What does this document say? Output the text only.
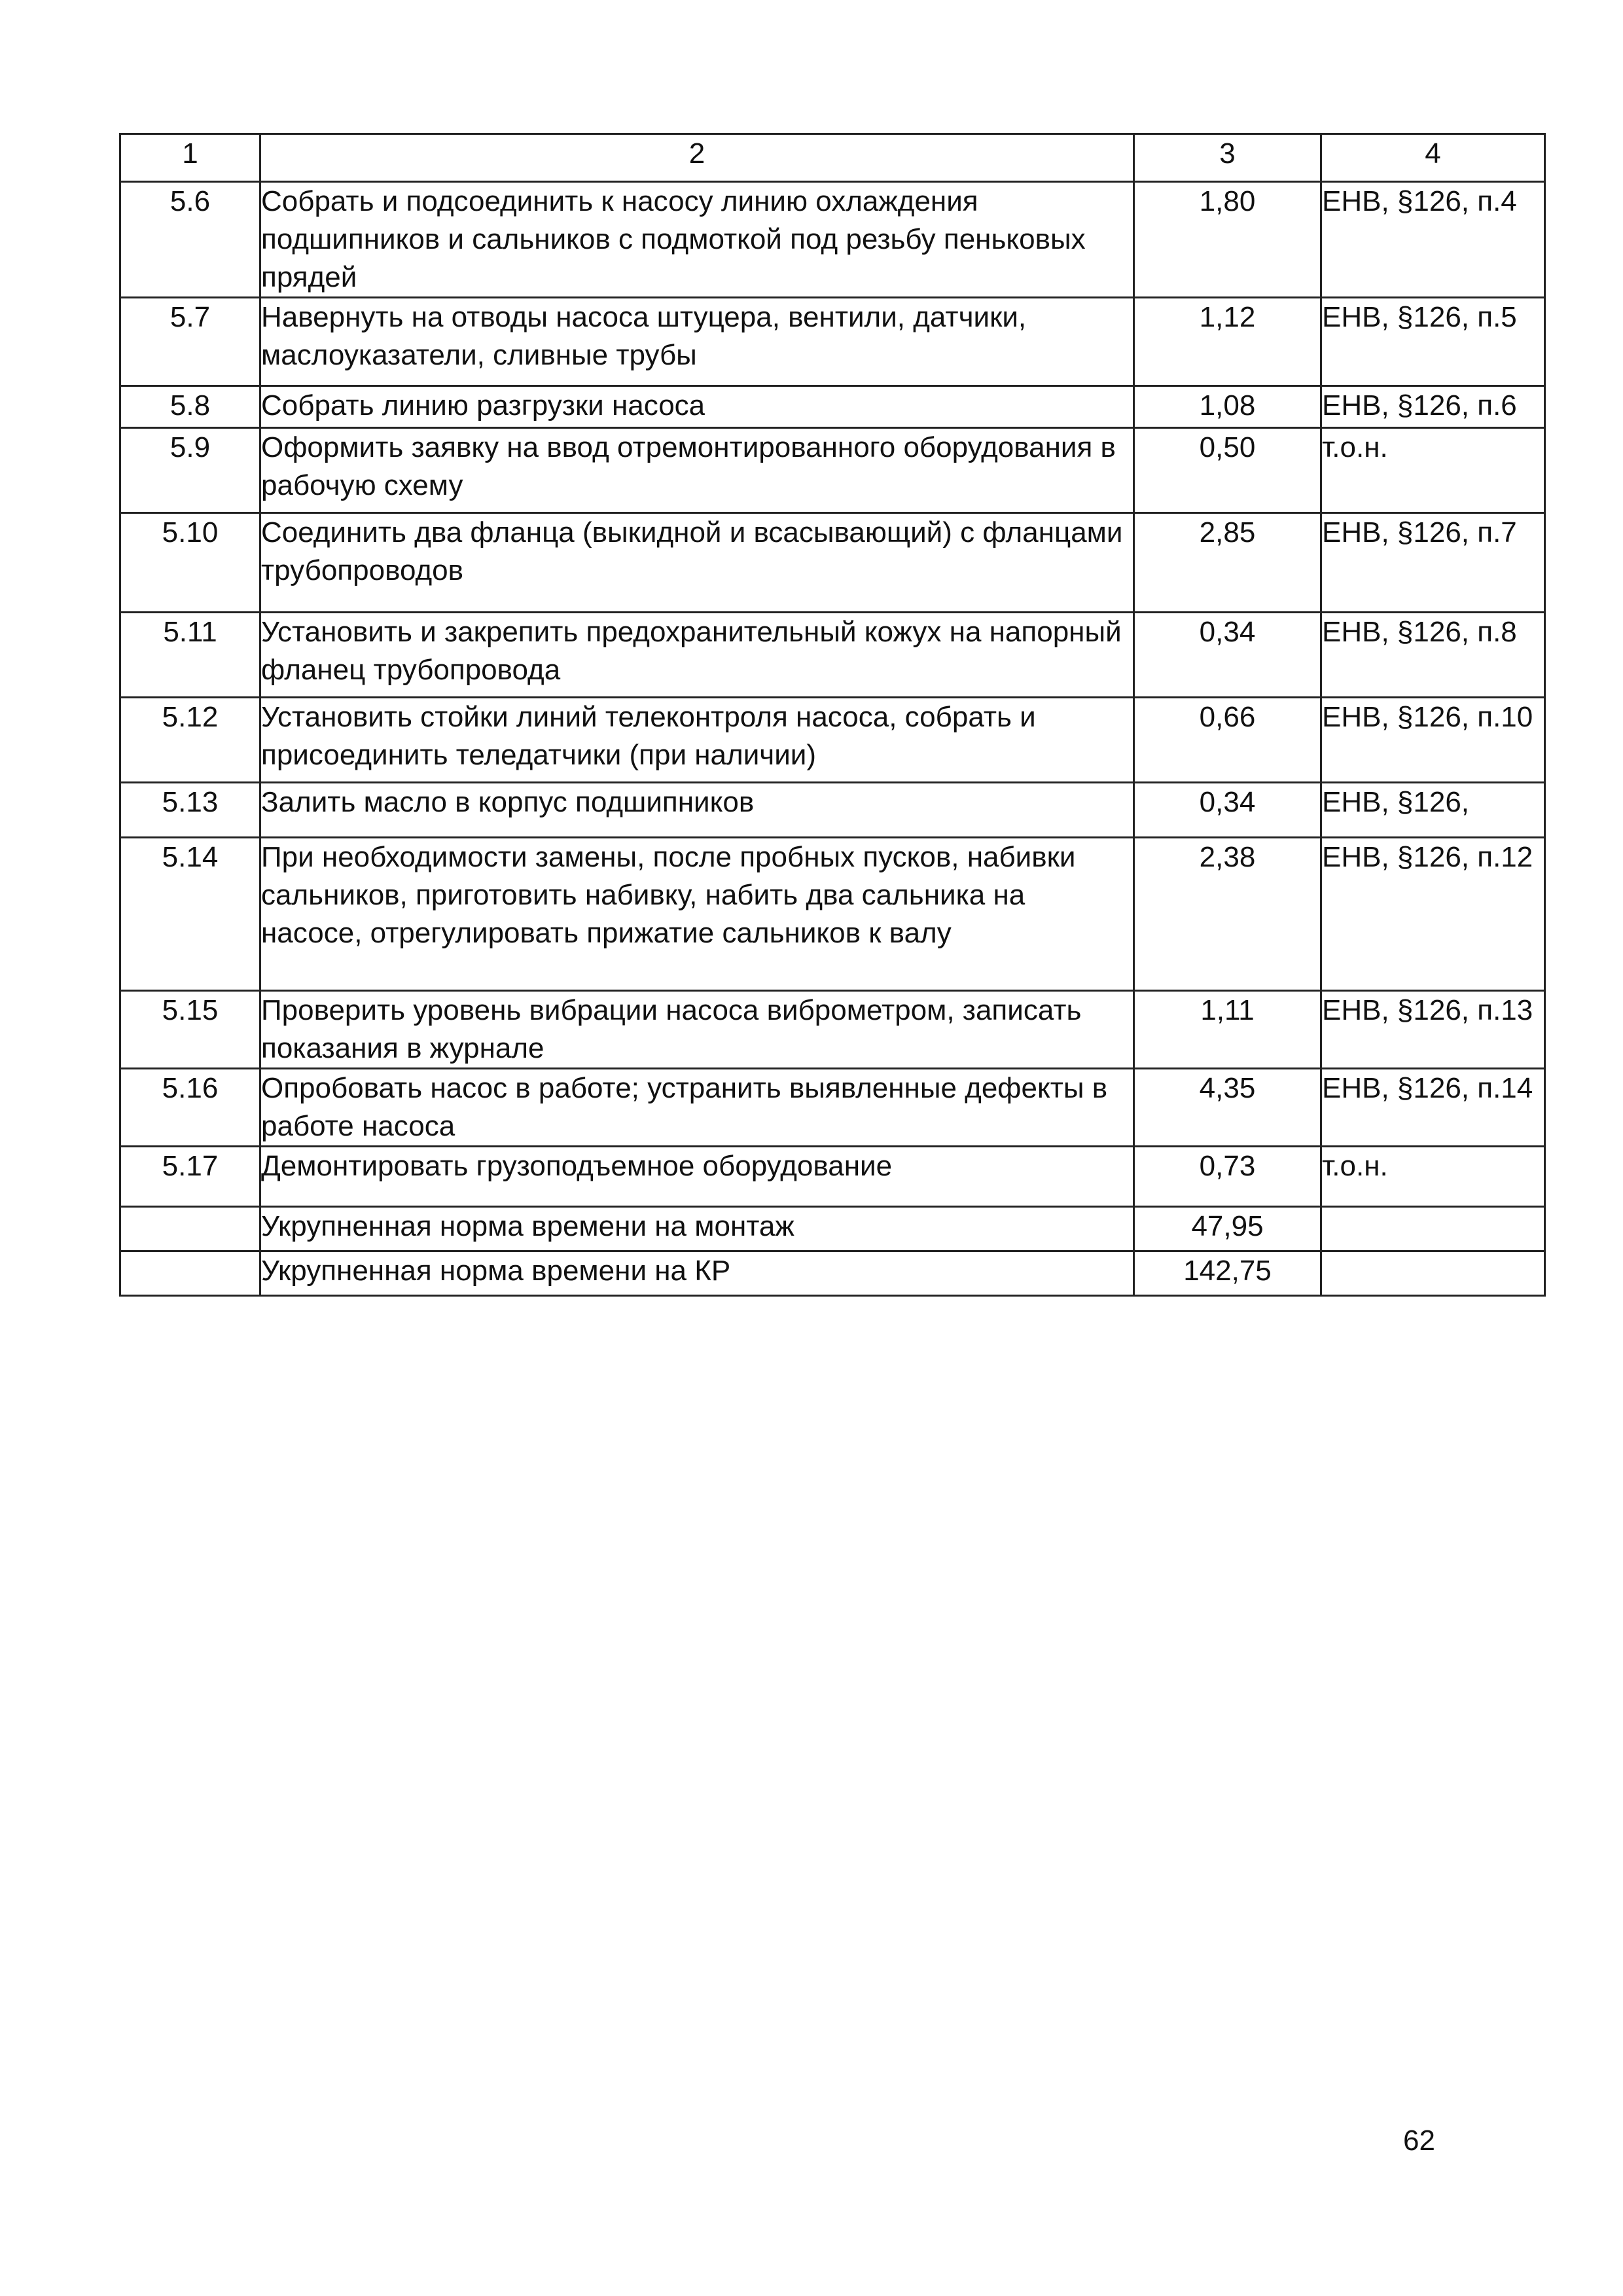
1	2	3	4
5.6	Собрать и подсоединить к насосу линию охлаждения подшипников и сальников с подмоткой под резьбу пеньковых прядей	1,80	ЕНВ, §126, п.4
5.7	Навернуть на отводы насоса штуцера, вентили, датчики, маслоуказатели, сливные трубы	1,12	ЕНВ, §126, п.5
5.8	Собрать линию разгрузки насоса	1,08	ЕНВ, §126, п.6
5.9	Оформить заявку на ввод отремонтированного оборудования в рабочую схему	0,50	т.о.н.
5.10	Соединить два фланца (выкидной и всасывающий) с фланцами трубопроводов	2,85	ЕНВ, §126, п.7
5.11	Установить и закрепить предохранительный кожух на напорный фланец трубопровода	0,34	ЕНВ, §126, п.8
5.12	Установить стойки линий телеконтроля насоса, собрать и присоединить теледатчики (при наличии)	0,66	ЕНВ, §126, п.10
5.13	Залить масло в корпус подшипников	0,34	ЕНВ, §126,
5.14	При необходимости замены, после пробных пусков, набивки сальников, приготовить набивку, набить два сальника на насосе, отрегулировать прижатие сальников к валу	2,38	ЕНВ, §126, п.12
5.15	Проверить уровень вибрации насоса виброметром, записать показания в журнале	1,11	ЕНВ, §126, п.13
5.16	Опробовать насос в работе; устранить выявленные дефекты в работе насоса	4,35	ЕНВ, §126, п.14
5.17	Демонтировать грузоподъемное оборудование	0,73	т.о.н.
	Укрупненная норма времени на монтаж	47,95	
	Укрупненная норма времени на КР	142,75	
62
